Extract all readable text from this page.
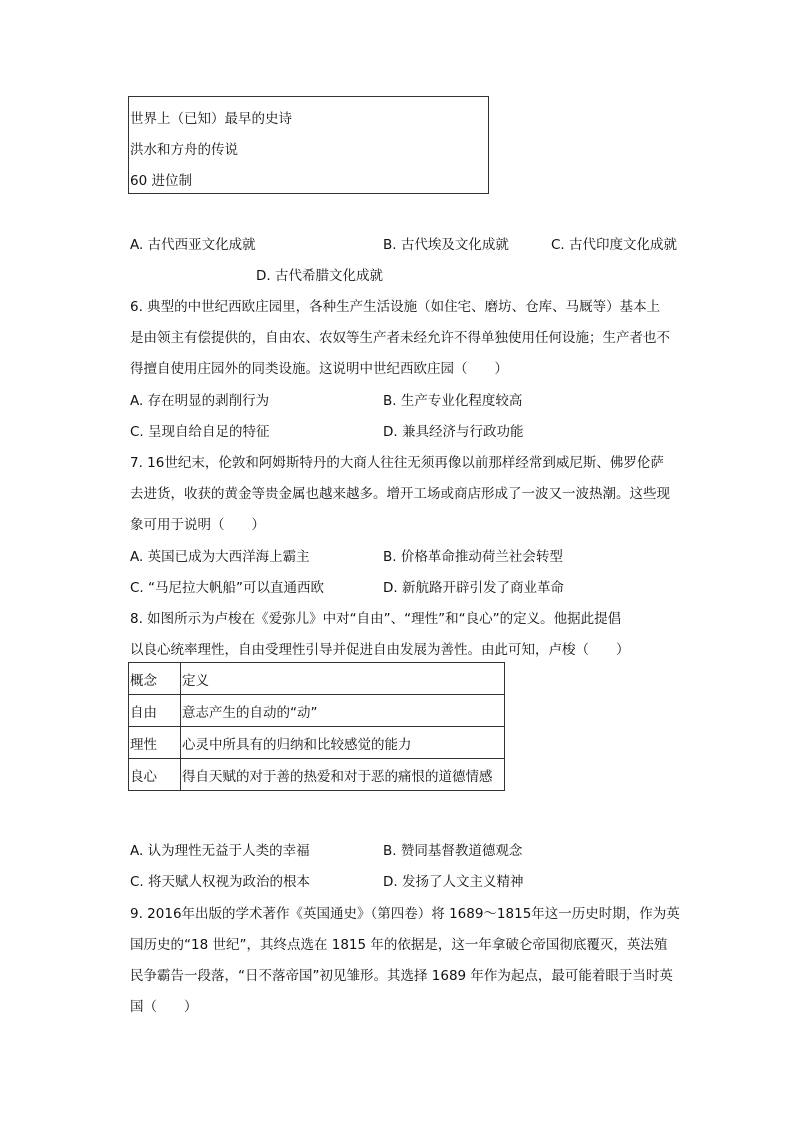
世界上（已知）最早的史诗
洪水和方舟的传说
60 进位制
A. 古代西亚文化成就	B. 古代埃及文化成就	C. 古代印度文化成就
D. 古代希腊文化成就
6. 典型的中世纪西欧庄园里，各种生产生活设施（如住宅、磨坊、仓库、马厩等）基本上
是由领主有偿提供的，自由农、农奴等生产者未经允许不得单独使用任何设施；生产者也不
得擅自使用庄园外的同类设施。这说明中世纪西欧庄园（　　）
A. 存在明显的剥削行为	B. 生产专业化程度较高
C. 呈现自给自足的特征	D. 兼具经济与行政功能
7. 16世纪末，伦敦和阿姆斯特丹的大商人往往无须再像以前那样经常到威尼斯、佛罗伦萨
去进货，收获的黄金等贵金属也越来越多。增开工场或商店形成了一波又一波热潮。这些现
象可用于说明（　　）
A. 英国已成为大西洋海上霸主	B. 价格革命推动荷兰社会转型
C. “马尼拉大帆船”可以直通西欧	D. 新航路开辟引发了商业革命
8. 如图所示为卢梭在《爱弥儿》中对“自由”、“理性”和“良心”的定义。他据此提倡
以良心统率理性，自由受理性引导并促进自由发展为善性。由此可知，卢梭（　　）
概念	定义
自由	意志产生的自动的“动”
理性	心灵中所具有的归纳和比较感觉的能力
良心	得自天赋的对于善的热爱和对于恶的痛恨的道德情感
A. 认为理性无益于人类的幸福	B. 赞同基督教道德观念
C. 将天赋人权视为政治的根本	D. 发扬了人文主义精神
9. 2016年出版的学术著作《英国通史》（第四卷）将 1689～1815年这一历史时期，作为英
国历史的“18 世纪”，其终点选在 1815 年的依据是，这一年拿破仑帝国彻底覆灭，英法殖
民争霸告一段落，“日不落帝国”初见雏形。其选择 1689 年作为起点，最可能着眼于当时英
国（　　）
